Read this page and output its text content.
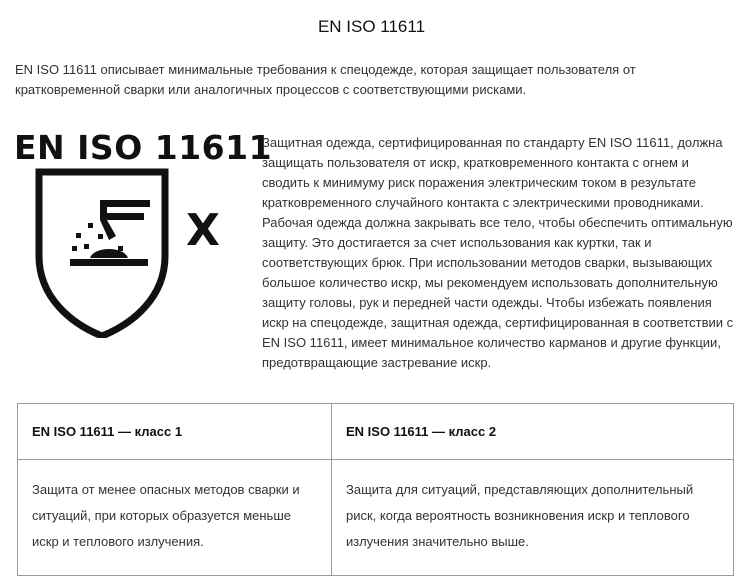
EN ISO 11611

EN ISO 11611 описывает минимальные требования к спецодежде, которая защищает пользователя от кратковременной сварки или аналогичных процессов с соответствующими рисками.

EN ISO 11611
X

Защитная одежда, сертифицированная по стандарту EN ISO 11611, должна защищать пользователя от искр, кратковременного контакта с огнем и сводить к минимуму риск поражения электрическим током в результате кратковременного случайного контакта с электрическими проводниками. Рабочая одежда должна закрывать все тело, чтобы обеспечить оптимальную защиту. Это достигается за счет использования как куртки, так и соответствующих брюк. При использовании методов сварки, вызывающих большое количество искр, мы рекомендуем использовать дополнительную защиту головы, рук и передней части одежды. Чтобы избежать появления искр на спецодежде, защитная одежда, сертифицированная в соответствии с EN ISO 11611, имеет минимальное количество карманов и другие функции, предотвращающие застревание искр.

EN ISO 11611 — класс 1	EN ISO 11611 — класс 2
Защита от менее опасных методов сварки и ситуаций, при которых образуется меньше искр и теплового излучения.	Защита для ситуаций, представляющих дополнительный риск, когда вероятность возникновения искр и теплового излучения значительно выше.
